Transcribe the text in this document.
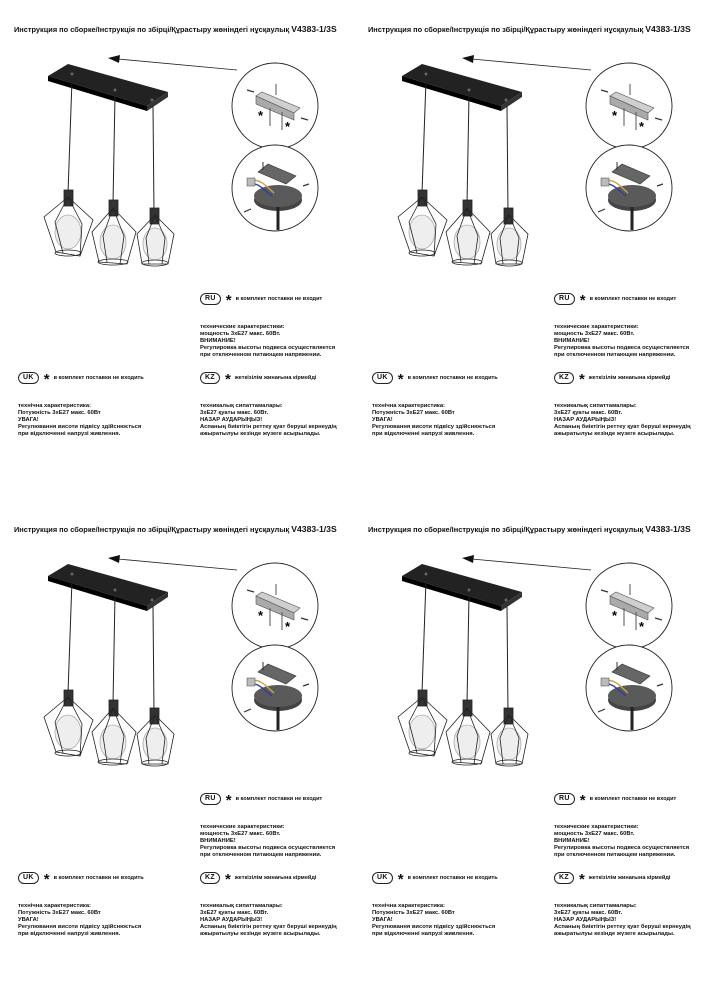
Инструкция по сборке/Інструкція по збірці/Құрастыру жөніндегі нұсқаулық V4383-1/3S
*
*
RU * в комплект поставки не входит
технические характеристики:
мощность 3хЕ27 макс. 60Вт.
ВНИМАНИЕ!
Регулировка высоты подвеса осуществляется
при отключенном питающем напряжении.
UK * в комплект поставки не входить	KZ * жеткізілім жинағына кірмейді
технічна характеристика:
Потужність 3хЕ27 макс. 60Вт
УВАГА!
Регулювання висоти підвісу здійснюється
при відключенні напрузі живлення.
техникалық сипаттамалары:
3хЕ27 қуаты макс. 60Вт.
НАЗАР АУДАРЫҢЫЗ!
Аспаның биіктігін реттеу қуат беруші кернеудің
ажыратылуы кезінде жүзеге асырылады.
Инструкция по сборке/Інструкція по збірці/Құрастыру жөніндегі нұсқаулық V4383-1/3S
*
*
RU * в комплект поставки не входит
технические характеристики:
мощность 3хЕ27 макс. 60Вт.
ВНИМАНИЕ!
Регулировка высоты подвеса осуществляется
при отключенном питающем напряжении.
UK * в комплект поставки не входить	KZ * жеткізілім жинағына кірмейді
технічна характеристика:
Потужність 3хЕ27 макс. 60Вт
УВАГА!
Регулювання висоти підвісу здійснюється
при відключенні напрузі живлення.
техникалық сипаттамалары:
3хЕ27 қуаты макс. 60Вт.
НАЗАР АУДАРЫҢЫЗ!
Аспаның биіктігін реттеу қуат беруші кернеудің
ажыратылуы кезінде жүзеге асырылады.
Инструкция по сборке/Інструкція по збірці/Құрастыру жөніндегі нұсқаулық V4383-1/3S
*
*
RU * в комплект поставки не входит
технические характеристики:
мощность 3хЕ27 макс. 60Вт.
ВНИМАНИЕ!
Регулировка высоты подвеса осуществляется
при отключенном питающем напряжении.
UK * в комплект поставки не входить	KZ * жеткізілім жинағына кірмейді
технічна характеристика:
Потужність 3хЕ27 макс. 60Вт
УВАГА!
Регулювання висоти підвісу здійснюється
при відключенні напрузі живлення.
техникалық сипаттамалары:
3хЕ27 қуаты макс. 60Вт.
НАЗАР АУДАРЫҢЫЗ!
Аспаның биіктігін реттеу қуат беруші кернеудің
ажыратылуы кезінде жүзеге асырылады.
Инструкция по сборке/Інструкція по збірці/Құрастыру жөніндегі нұсқаулық V4383-1/3S
*
*
RU * в комплект поставки не входит
технические характеристики:
мощность 3хЕ27 макс. 60Вт.
ВНИМАНИЕ!
Регулировка высоты подвеса осуществляется
при отключенном питающем напряжении.
UK * в комплект поставки не входить	KZ * жеткізілім жинағына кірмейді
технічна характеристика:
Потужність 3хЕ27 макс. 60Вт
УВАГА!
Регулювання висоти підвісу здійснюється
при відключенні напрузі живлення.
техникалық сипаттамалары:
3хЕ27 қуаты макс. 60Вт.
НАЗАР АУДАРЫҢЫЗ!
Аспаның биіктігін реттеу қуат беруші кернеудің
ажыратылуы кезінде жүзеге асырылады.
